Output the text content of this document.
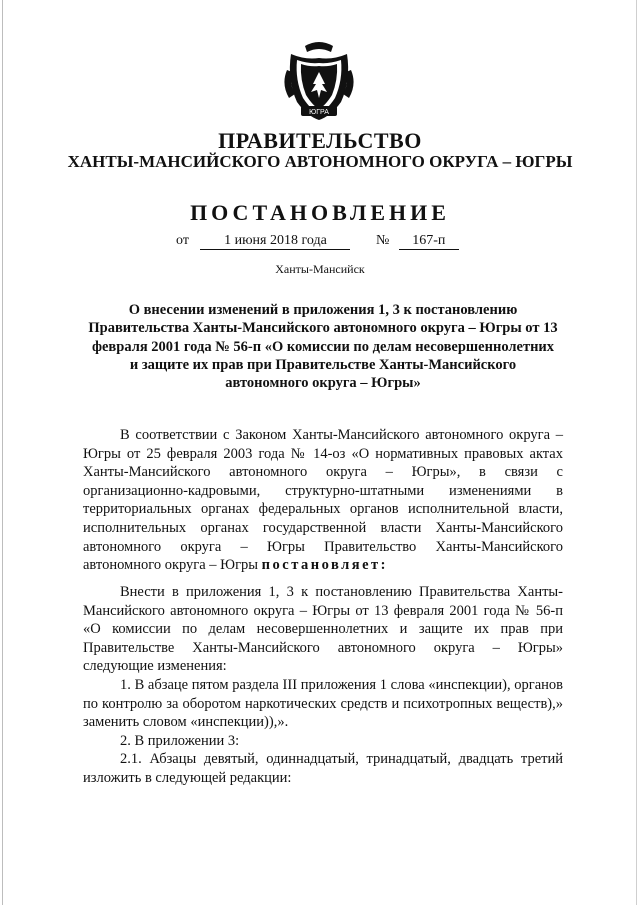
ЮГРА
ПРАВИТЕЛЬСТВО
ХАНТЫ-МАНСИЙСКОГО АВТОНОМНОГО ОКРУГА – ЮГРЫ
ПОСТАНОВЛЕНИЕ
от	1 июня 2018 года	№ 167-п
Ханты-Мансийск
О внесении изменений в приложения 1, 3 к постановлению Правительства Ханты-Мансийского автономного округа – Югры от 13 февраля 2001 года № 56-п «О комиссии по делам несовершеннолетних и защите их прав при Правительстве Ханты-Мансийского автономного округа – Югры»

В соответствии с Законом Ханты-Мансийского автономного округа – Югры от 25 февраля 2003 года № 14-оз «О нормативных правовых актах Ханты-Мансийского автономного округа – Югры», в связи с организационно-кадровыми, структурно-штатными изменениями в территориальных органах федеральных органов исполнительной власти, исполнительных органах государственной власти Ханты-Мансийского автономного округа – Югры Правительство Ханты-Мансийского автономного округа – Югры постановляет:

Внести в приложения 1, 3 к постановлению Правительства Ханты-Мансийского автономного округа – Югры от 13 февраля 2001 года № 56-п «О комиссии по делам несовершеннолетних и защите их прав при Правительстве Ханты-Мансийского автономного округа – Югры» следующие изменения:

1. В абзаце пятом раздела III приложения 1 слова «инспекции), органов по контролю за оборотом наркотических средств и психотропных веществ),» заменить словом «инспекции)),».

2. В приложении 3:

2.1. Абзацы девятый, одиннадцатый, тринадцатый, двадцать третий изложить в следующей редакции:
